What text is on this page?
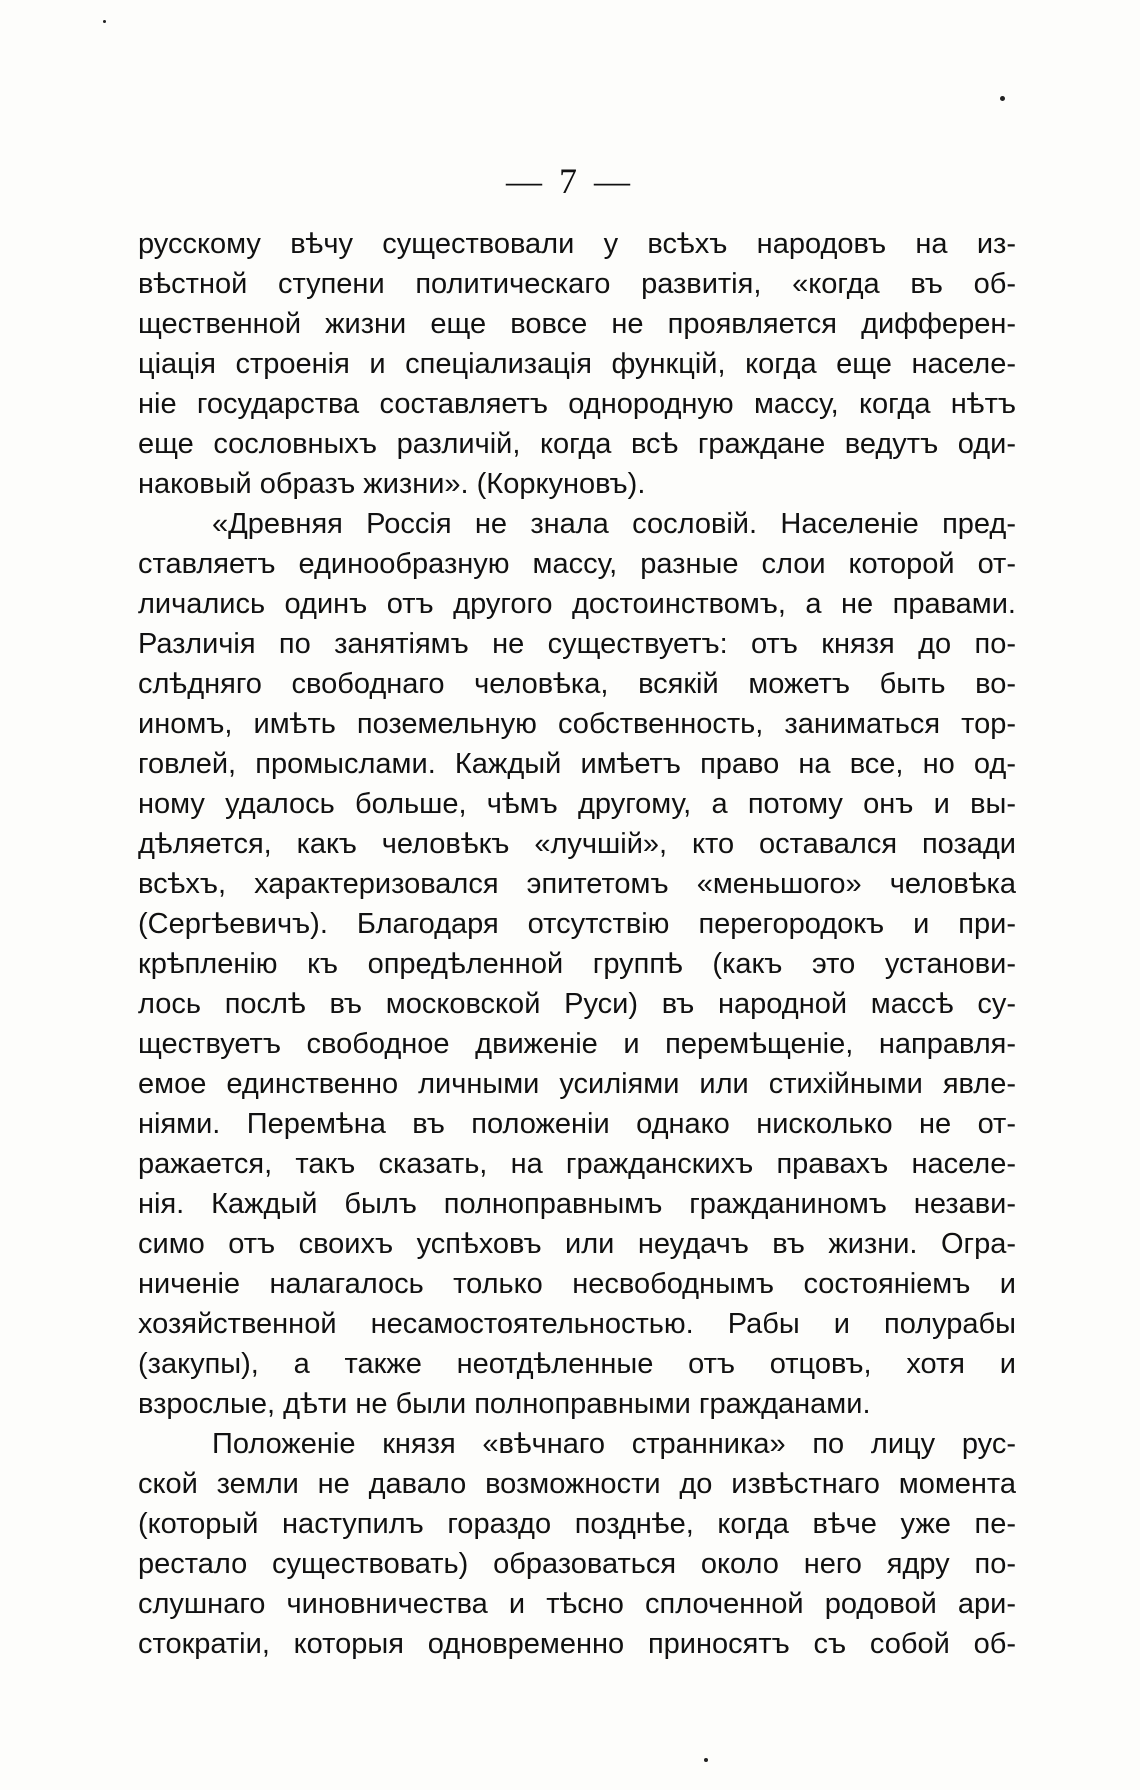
— 7 —
русскому вѣчу существовали у всѣхъ народовъ на из-
вѣстной ступени политическаго развитія, «когда въ об-
щественной жизни еще вовсе не проявляется дифферен-
ціація строенія и спеціализація функцій, когда еще населе-
ніе государства составляетъ однородную массу, когда нѣтъ
еще сословныхъ различій, когда всѣ граждане ведутъ оди-
наковый образъ жизни». (Коркуновъ).
«Древняя Россія не знала сословій. Населеніе пред-
ставляетъ единообразную массу, разные слои которой от-
личались одинъ отъ другого достоинствомъ, а не правами.
Различія по занятіямъ не существуетъ: отъ князя до по-
слѣдняго свободнаго человѣка, всякій можетъ быть во-
иномъ, имѣть поземельную собственность, заниматься тор-
говлей, промыслами. Каждый имѣетъ право на все, но од-
ному удалось больше, чѣмъ другому, а потому онъ и вы-
дѣляется, какъ человѣкъ «лучшій», кто оставался позади
всѣхъ, характеризовался эпитетомъ «меньшого» человѣка
(Сергѣевичъ). Благодаря отсутствію перегородокъ и при-
крѣпленію къ опредѣленной группѣ (какъ это установи-
лось послѣ въ московской Руси) въ народной массѣ су-
ществуетъ свободное движеніе и перемѣщеніе, направля-
емое единственно личными усиліями или стихійными явле-
ніями. Перемѣна въ положеніи однако нисколько не от-
ражается, такъ сказать, на гражданскихъ правахъ населе-
нія. Каждый былъ полноправнымъ гражданиномъ незави-
симо отъ своихъ успѣховъ или неудачъ въ жизни. Огра-
ниченіе налагалось только несвободнымъ состояніемъ и
хозяйственной несамостоятельностью. Рабы и полурабы
(закупы), а также неотдѣленные отъ отцовъ, хотя и
взрослые, дѣти не были полноправными гражданами.
Положеніе князя «вѣчнаго странника» по лицу рус-
ской земли не давало возможности до извѣстнаго момента
(который наступилъ гораздо позднѣе, когда вѣче уже пе-
рестало существовать) образоваться около него ядру по-
слушнаго чиновничества и тѣсно сплоченной родовой ари-
стократіи, которыя одновременно приносятъ съ собой об-
